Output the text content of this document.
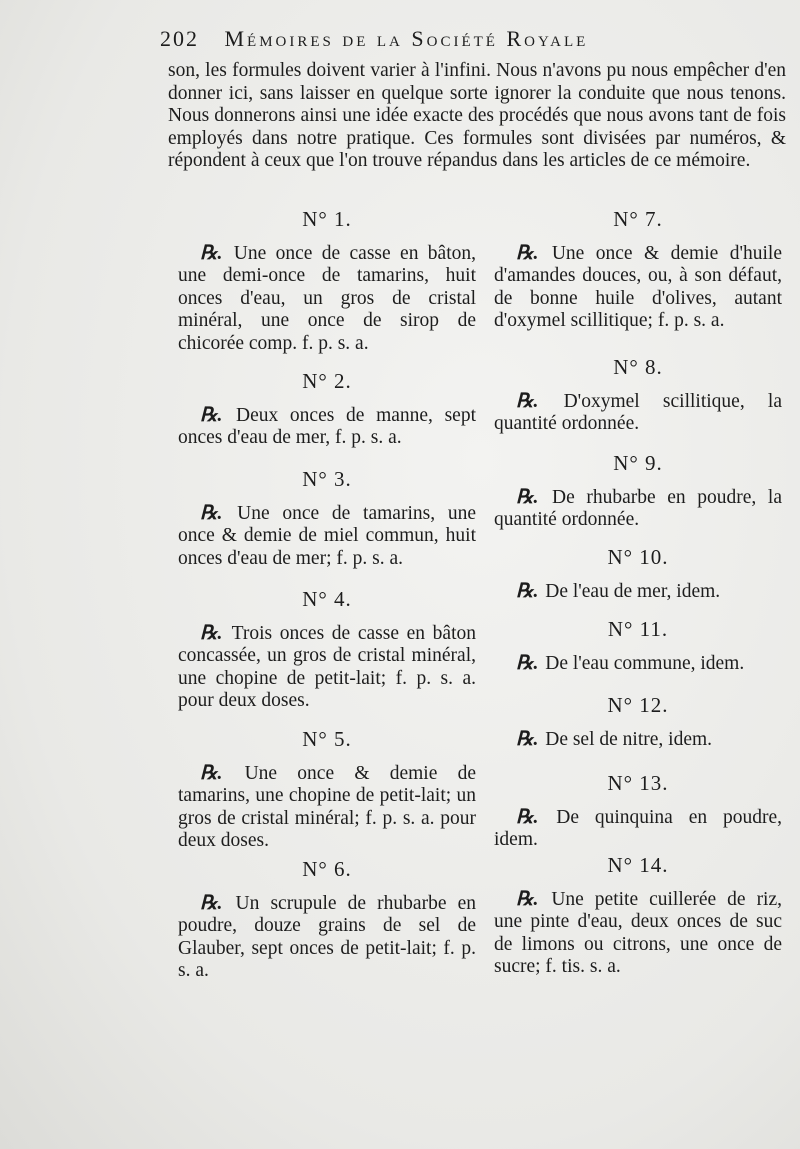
202 Mémoires de la Société Royale

son, les formules doivent varier à l'infini. Nous n'avons pu nous empêcher d'en donner ici, sans laisser en quelque sorte ignorer la conduite que nous tenons. Nous donnerons ainsi une idée exacte des procédés que nous avons tant de fois employés dans notre pratique. Ces formules sont divisées par numéros, & répondent à ceux que l'on trouve répandus dans les articles de ce mémoire.

N° 1.
℞. Une once de casse en bâton, une demi-once de tamarins, huit onces d'eau, un gros de cristal minéral, une once de sirop de chicorée comp. f. p. s. a.
N° 2.
℞. Deux onces de manne, sept onces d'eau de mer, f. p. s. a.
N° 3.
℞. Une once de tamarins, une once & demie de miel commun, huit onces d'eau de mer; f. p. s. a.
N° 4.
℞. Trois onces de casse en bâton concassée, un gros de cristal minéral, une chopine de petit-lait; f. p. s. a. pour deux doses.
N° 5.
℞. Une once & demie de tamarins, une chopine de petit-lait; un gros de cristal minéral; f. p. s. a. pour deux doses.
N° 6.
℞. Un scrupule de rhubarbe en poudre, douze grains de sel de Glauber, sept onces de petit-lait; f. p. s. a.
N° 7.
℞. Une once & demie d'huile d'amandes douces, ou, à son défaut, de bonne huile d'olives, autant d'oxymel scillitique; f. p. s. a.
N° 8.
℞. D'oxymel scillitique, la quantité ordonnée.
N° 9.
℞. De rhubarbe en poudre, la quantité ordonnée.
N° 10.
℞. De l'eau de mer, idem.
N° 11.
℞. De l'eau commune, idem.
N° 12.
℞. De sel de nitre, idem.
N° 13.
℞. De quinquina en poudre, idem.
N° 14.
℞. Une petite cuillerée de riz, une pinte d'eau, deux onces de suc de limons ou citrons, une once de sucre; f. tis. s. a.
